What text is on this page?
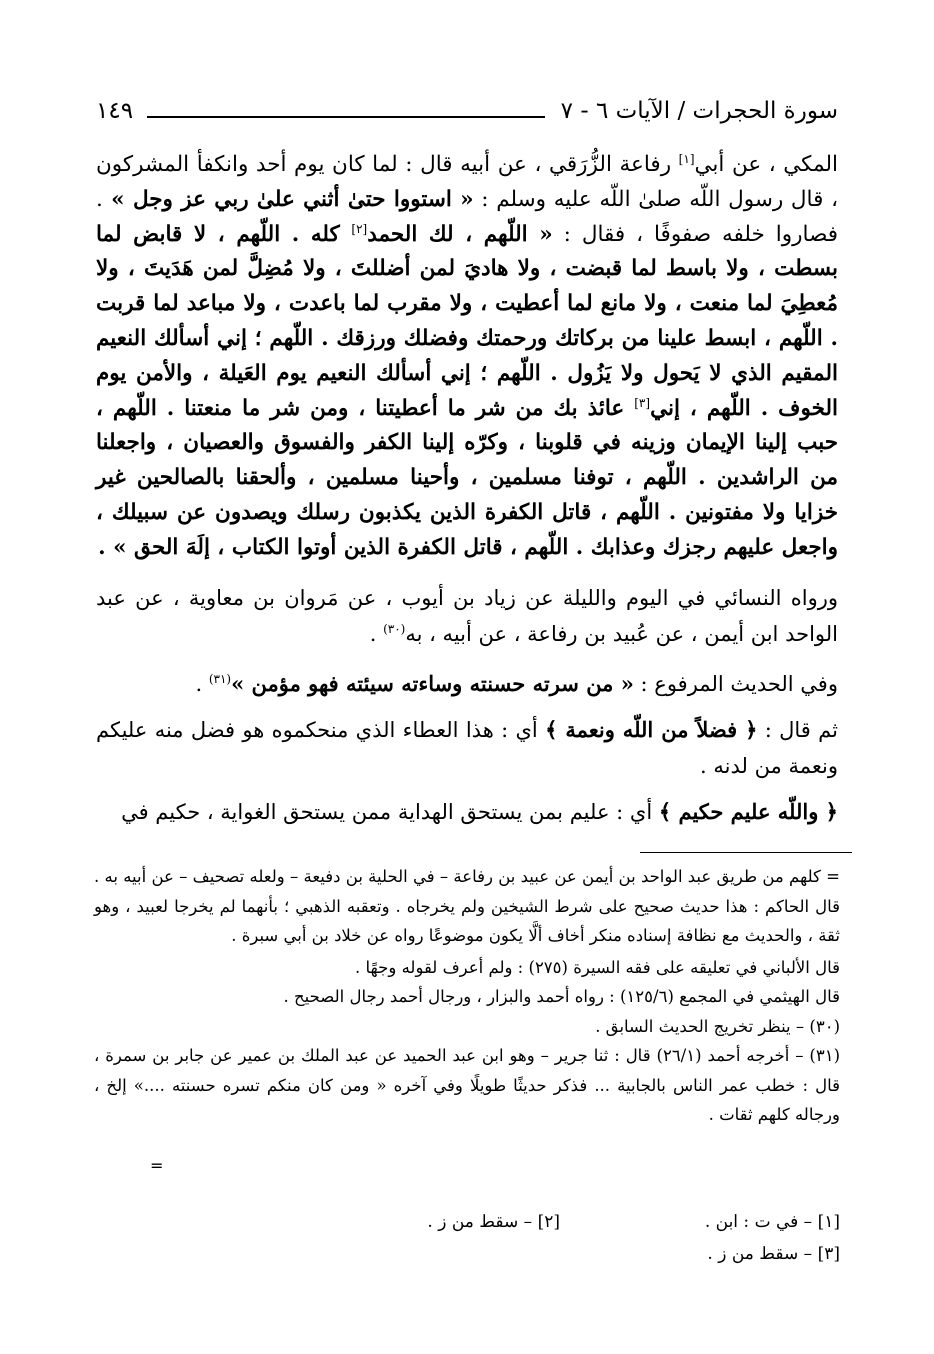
سورة الحجرات / الآيات ٦ - ٧
١٤٩

المكي ، عن أبي[١] رفاعة الزُّرَقي ، عن أبيه قال : لما كان يوم أحد وانكفأ المشركون ، قال رسول اللّه صلىٰ اللّه عليه وسلم : « استووا حتىٰ أثني علىٰ ربي عز وجل » . فصاروا خلفه صفوفًا ، فقال : « اللّهم ، لك الحمد[٢] كله . اللّهم ، لا قابض لما بسطت ، ولا باسط لما قبضت ، ولا هاديَ لمن أضللتَ ، ولا مُضِلَّ لمن هَدَيتَ ، ولا مُعطِيَ لما منعت ، ولا مانع لما أعطيت ، ولا مقرب لما باعدت ، ولا مباعد لما قربت . اللّهم ، ابسط علينا من بركاتك ورحمتك وفضلك ورزقك . اللّهم ؛ إني أسألك النعيم المقيم الذي لا يَحول ولا يَزُول . اللّهم ؛ إني أسألك النعيم يوم العَيلة ، والأمن يوم الخوف . اللّهم ، إني[٣] عائذ بك من شر ما أعطيتنا ، ومن شر ما منعتنا . اللّهم ، حبب إلينا الإيمان وزينه في قلوبنا ، وكرّه إلينا الكفر والفسوق والعصيان ، واجعلنا من الراشدين . اللّهم ، توفنا مسلمين ، وأحينا مسلمين ، وألحقنا بالصالحين غير خزايا ولا مفتونين . اللّهم ، قاتل الكفرة الذين يكذبون رسلك ويصدون عن سبيلك ، واجعل عليهم رجزك وعذابك . اللّهم ، قاتل الكفرة الذين أوتوا الكتاب ، إلَهَ الحق » .

ورواه النسائي في اليوم والليلة عن زياد بن أيوب ، عن مَروان بن معاوية ، عن عبد الواحد ابن أيمن ، عن عُبيد بن رفاعة ، عن أبيه ، به$^{(٣٠)}$ .

وفي الحديث المرفوع : « من سرته حسنته وساءته سيئته فهو مؤمن »$^{(٣١)}$ .

ثم قال : ﴿ فضلاً من اللّه ونعمة ﴾ أي : هذا العطاء الذي منحكموه هو فضل منه عليكم ونعمة من لدنه .

﴿ واللّه عليم حكيم ﴾ أي : عليم بمن يستحق الهداية ممن يستحق الغواية ، حكيم في

= كلهم من طريق عبد الواحد بن أيمن عن عبيد بن رفاعة – في الحلية بن دفيعة – ولعله تصحيف – عن أبيه به . قال الحاكم : هذا حديث صحيح على شرط الشيخين ولم يخرجاه . وتعقبه الذهبي ؛ بأنهما لم يخرجا لعبيد ، وهو ثقة ، والحديث مع نظافة إسناده منكر أخاف ألَّا يكون موضوعًا رواه عن خلاد بن أبي سبرة .

قال الألباني في تعليقه على فقه السيرة (٢٧٥) : ولم أعرف لقوله وجهًا .

قال الهيثمي في المجمع (١٢٥/٦) : رواه أحمد والبزار ، ورجال أحمد رجال الصحيح .

(٣٠) – ينظر تخريج الحديث السابق .

(٣١) – أخرجه أحمد (٢٦/١) قال : ثنا جرير – وهو ابن عبد الحميد عن عبد الملك بن عمير عن جابر بن سمرة ، قال : خطب عمر الناس بالجابية ... فذكر حديثًا طويلًا وفي آخره « ومن كان منكم تسره حسنته ....» إلخ ، ورجاله كلهم ثقات .

=
[١] – في ت : ابن .
[٢] – سقط من ز .
[٣] – سقط من ز .
